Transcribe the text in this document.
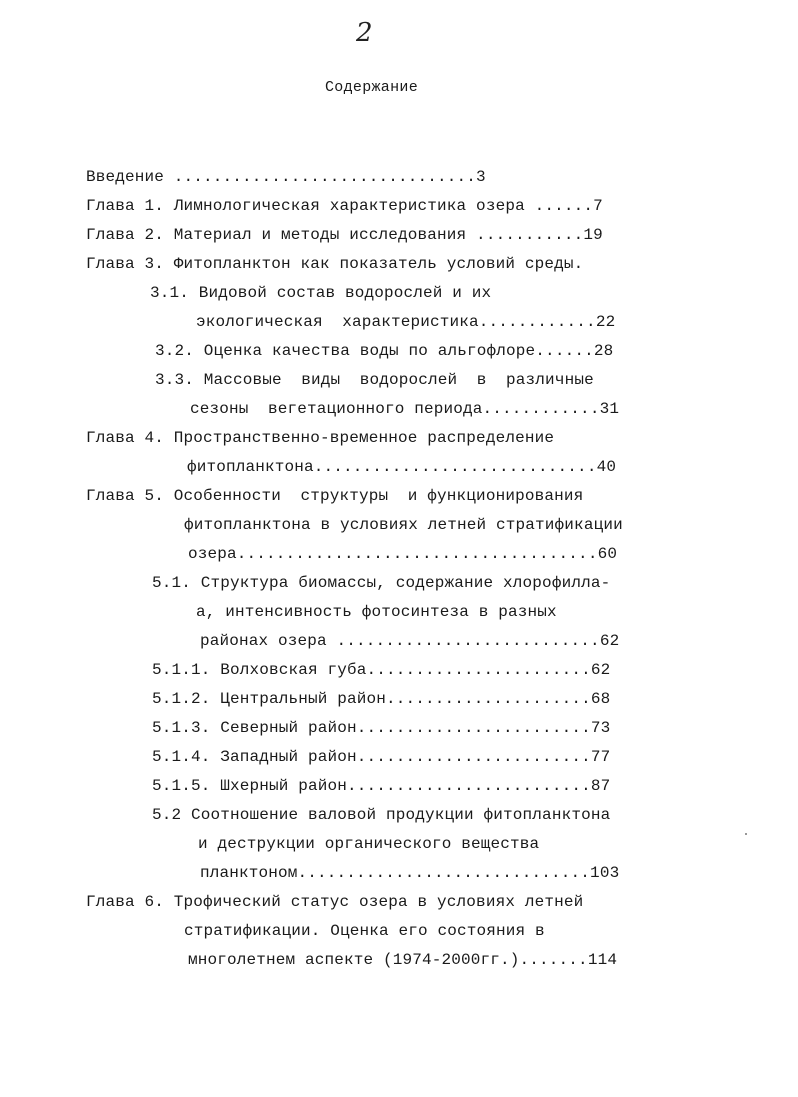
2
Содержание
Введение ...............................3
Глава 1. Лимнологическая характеристика озера ......7
Глава 2. Материал и методы исследования ...........19
Глава 3. Фитопланктон как показатель условий среды.
3.1. Видовой состав водорослей и их
экологическая  характеристика............22
3.2. Оценка качества воды по альгофлоре......28
3.3. Массовые  виды  водорослей  в  различные
сезоны  вегетационного периода............31
Глава 4. Пространственно-временное распределение
фитопланктона.............................40
Глава 5. Особенности  структуры  и функционирования
фитопланктона в условиях летней стратификации
озера.....................................60
5.1. Структура биомассы, содержание хлорофилла-
а, интенсивность фотосинтеза в разных
районах озера ...........................62
5.1.1. Волховская губа.......................62
5.1.2. Центральный район.....................68
5.1.3. Северный район........................73
5.1.4. Западный район........................77
5.1.5. Шхерный район.........................87
5.2 Соотношение валовой продукции фитопланктона
и деструкции органического вещества
планктоном..............................103
Глава 6. Трофический статус озера в условиях летней
стратификации. Оценка его состояния в
многолетнем аспекте (1974-2000гг.).......114
